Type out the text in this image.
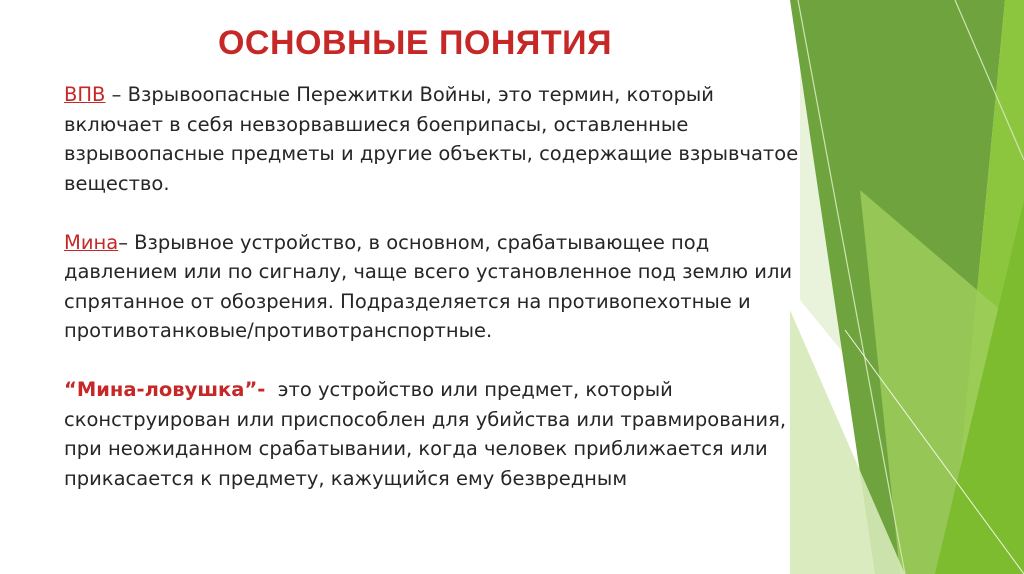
ОСНОВНЫЕ ПОНЯТИЯ

ВПВ – Взрывоопасные Пережитки Войны, это термин, который включает в себя невзорвавшиеся боеприпасы, оставленные взрывоопасные предметы и другие объекты, содержащие взрывчатое вещество.

Мина– Взрывное устройство, в основном, срабатывающее под давлением или по сигналу, чаще всего установленное под землю или спрятанное от обозрения. Подразделяется на противопехотные и противотанковые/противотранспортные.

“Мина-ловушка”- это устройство или предмет, который сконструирован или приспособлен для убийства или травмирования, при неожиданном срабатывании, когда человек приближается или прикасается к предмету, кажущийся ему безвредным
